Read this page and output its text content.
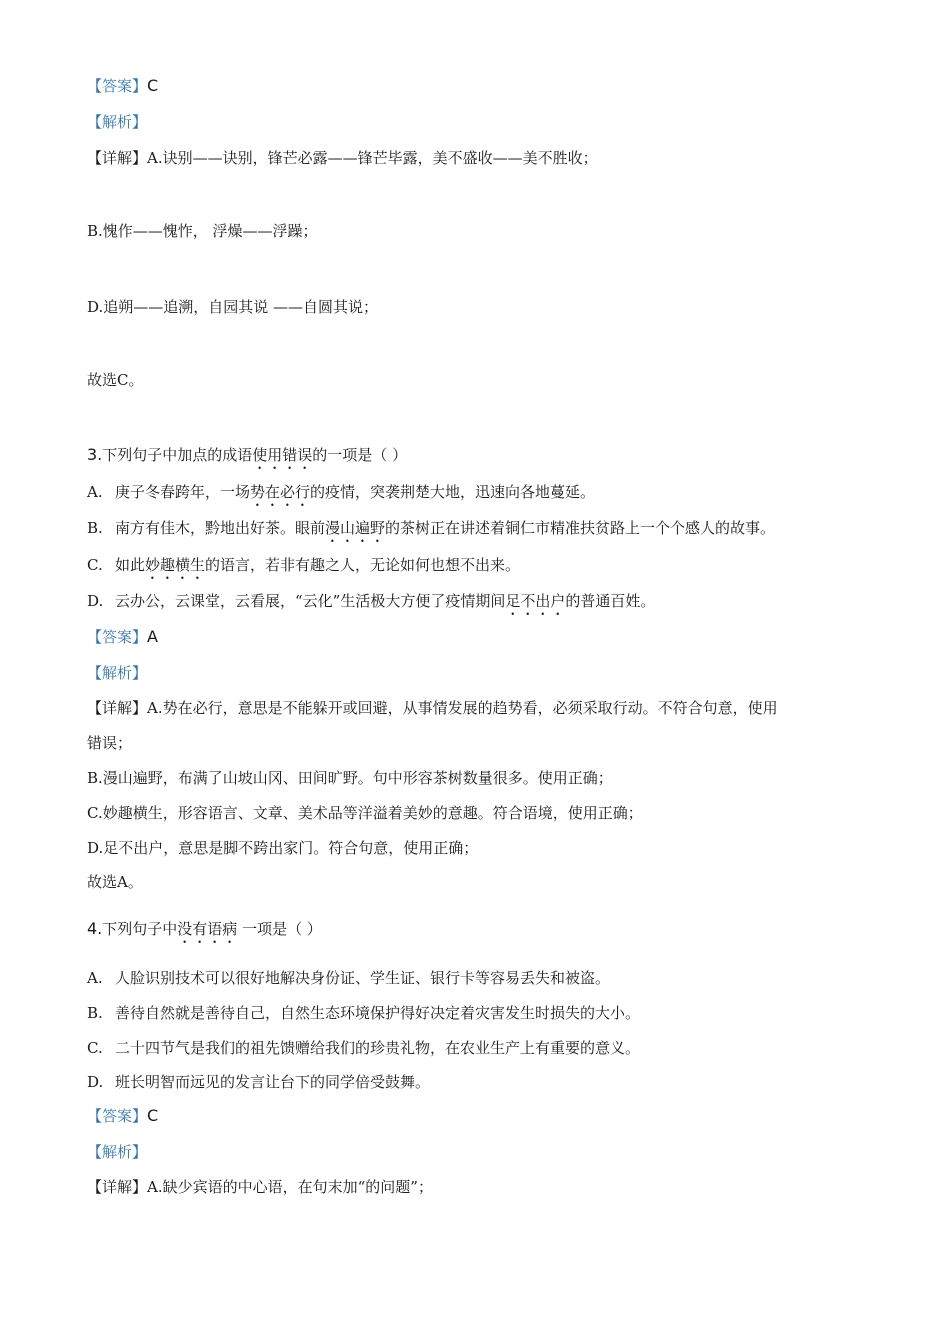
【答案】C
【解析】
【详解】A.诀别——诀别，锋芒必露——锋芒毕露，美不盛收——美不胜收；
B.愧作——愧怍， 浮燥——浮躁；
D.追朔——追溯，自园其说 ——自圆其说；
故选C。
3.下列句子中加点的成语使用错误的一项是（ ）
A. 庚子冬春跨年，一场势在必行的疫情，突袭荆楚大地，迅速向各地蔓延。
B. 南方有佳木，黔地出好茶。眼前漫山遍野的茶树正在讲述着铜仁市精准扶贫路上一个个感人的故事。
C. 如此妙趣横生的语言，若非有趣之人，无论如何也想不出来。
D. 云办公，云课堂，云看展，“云化”生活极大方便了疫情期间足不出户的普通百姓。
【答案】A
【解析】
【详解】A.势在必行，意思是不能躲开或回避，从事情发展的趋势看，必须采取行动。不符合句意，使用
错误；
B.漫山遍野，布满了山坡山冈、田间旷野。句中形容茶树数量很多。使用正确；
C.妙趣横生，形容语言、文章、美术品等洋溢着美妙的意趣。符合语境，使用正确；
D.足不出户，意思是脚不跨出家门。符合句意，使用正确；
故选A。
4.下列句子中没有语病 一项是（ ）
A. 人脸识别技术可以很好地解决身份证、学生证、银行卡等容易丢失和被盗。
B. 善待自然就是善待自己，自然生态环境保护得好决定着灾害发生时损失的大小。
C. 二十四节气是我们的祖先馈赠给我们的珍贵礼物，在农业生产上有重要的意义。
D. 班长明智而远见的发言让台下的同学倍受鼓舞。
【答案】C
【解析】
【详解】A.缺少宾语的中心语，在句末加“的问题”；
